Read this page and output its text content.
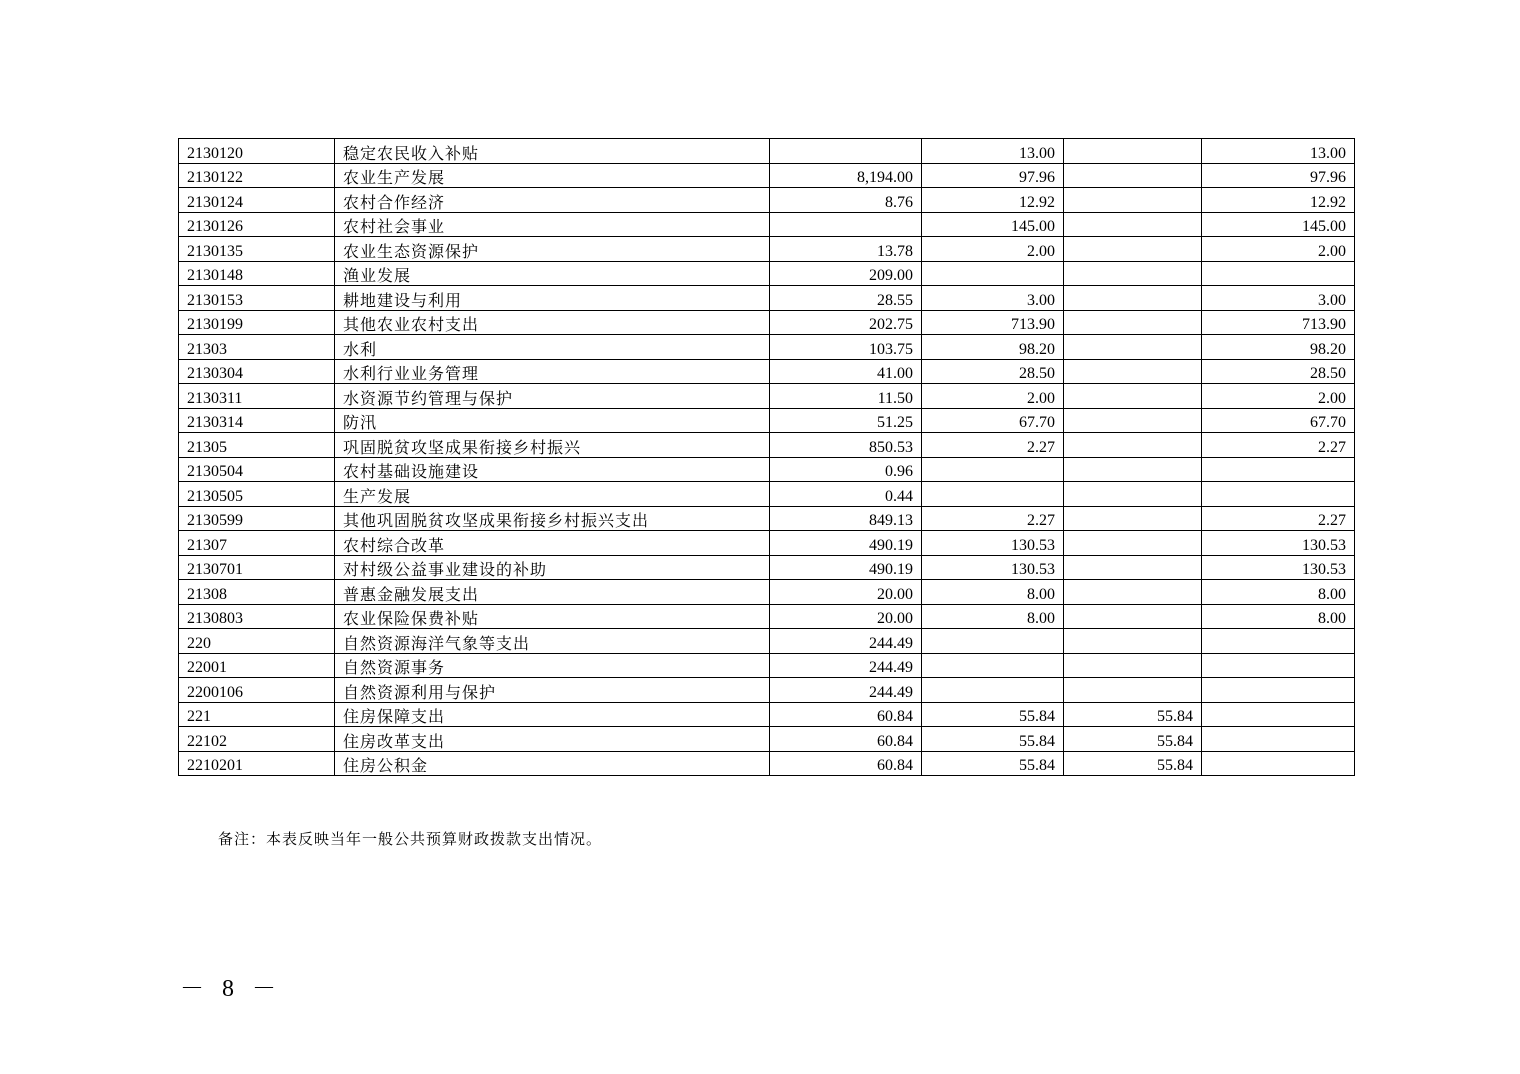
2130120	稳定农民收入补贴		13.00		13.00
2130122	农业生产发展	8,194.00	97.96		97.96
2130124	农村合作经济	8.76	12.92		12.92
2130126	农村社会事业		145.00		145.00
2130135	农业生态资源保护	13.78	2.00		2.00
2130148	渔业发展	209.00			
2130153	耕地建设与利用	28.55	3.00		3.00
2130199	其他农业农村支出	202.75	713.90		713.90
21303	水利	103.75	98.20		98.20
2130304	水利行业业务管理	41.00	28.50		28.50
2130311	水资源节约管理与保护	11.50	2.00		2.00
2130314	防汛	51.25	67.70		67.70
21305	巩固脱贫攻坚成果衔接乡村振兴	850.53	2.27		2.27
2130504	农村基础设施建设	0.96			
2130505	生产发展	0.44			
2130599	其他巩固脱贫攻坚成果衔接乡村振兴支出	849.13	2.27		2.27
21307	农村综合改革	490.19	130.53		130.53
2130701	对村级公益事业建设的补助	490.19	130.53		130.53
21308	普惠金融发展支出	20.00	8.00		8.00
2130803	农业保险保费补贴	20.00	8.00		8.00
220	自然资源海洋气象等支出	244.49			
22001	自然资源事务	244.49			
2200106	自然资源利用与保护	244.49			
221	住房保障支出	60.84	55.84	55.84	
22102	住房改革支出	60.84	55.84	55.84	
2210201	住房公积金	60.84	55.84	55.84	
备注：本表反映当年一般公共预算财政拨款支出情况。
－ 8 －
